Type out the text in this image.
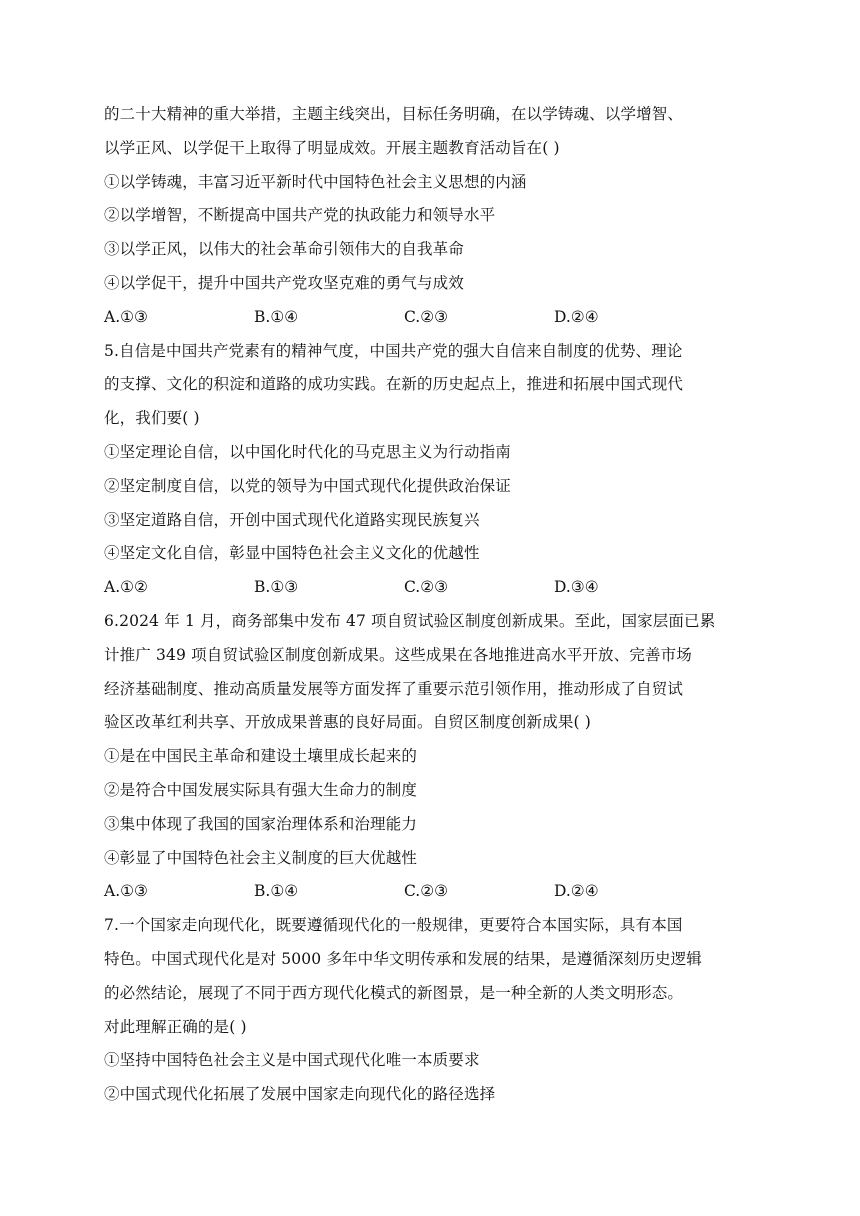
的二十大精神的重大举措，主题主线突出，目标任务明确，在以学铸魂、以学增智、
以学正风、以学促干上取得了明显成效。开展主题教育活动旨在( )
①以学铸魂，丰富习近平新时代中国特色社会主义思想的内涵
②以学增智，不断提高中国共产党的执政能力和领导水平
③以学正风，以伟大的社会革命引领伟大的自我革命
④以学促干，提升中国共产党攻坚克难的勇气与成效
A.①③	B.①④	C.②③	D.②④
5.自信是中国共产党素有的精神气度，中国共产党的强大自信来自制度的优势、理论
的支撑、文化的积淀和道路的成功实践。在新的历史起点上，推进和拓展中国式现代
化，我们要( )
①坚定理论自信，以中国化时代化的马克思主义为行动指南
②坚定制度自信，以党的领导为中国式现代化提供政治保证
③坚定道路自信，开创中国式现代化道路实现民族复兴
④坚定文化自信，彰显中国特色社会主义文化的优越性
A.①②	B.①③	C.②③	D.③④
6.2024 年 1 月，商务部集中发布 47 项自贸试验区制度创新成果。至此，国家层面已累
计推广 349 项自贸试验区制度创新成果。这些成果在各地推进高水平开放、完善市场
经济基础制度、推动高质量发展等方面发挥了重要示范引领作用，推动形成了自贸试
验区改革红利共享、开放成果普惠的良好局面。自贸区制度创新成果( )
①是在中国民主革命和建设土壤里成长起来的
②是符合中国发展实际具有强大生命力的制度
③集中体现了我国的国家治理体系和治理能力
④彰显了中国特色社会主义制度的巨大优越性
A.①③	B.①④	C.②③	D.②④
7.一个国家走向现代化，既要遵循现代化的一般规律，更要符合本国实际，具有本国
特色。中国式现代化是对 5000 多年中华文明传承和发展的结果，是遵循深刻历史逻辑
的必然结论，展现了不同于西方现代化模式的新图景，是一种全新的人类文明形态。
对此理解正确的是( )
①坚持中国特色社会主义是中国式现代化唯一本质要求
②中国式现代化拓展了发展中国家走向现代化的路径选择
